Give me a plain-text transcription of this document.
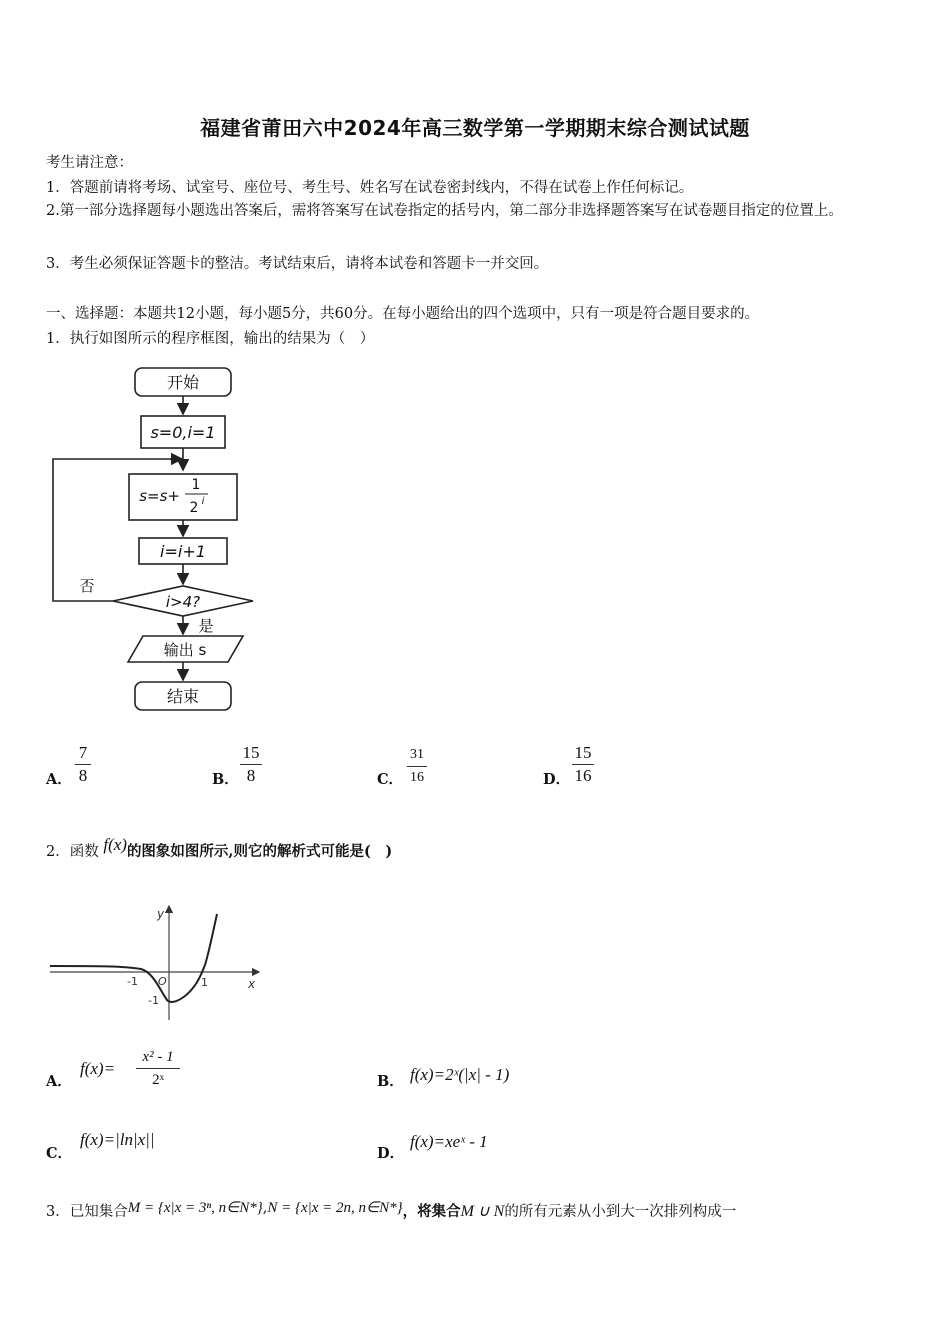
福建省莆田六中2024年高三数学第一学期期末综合测试试题
考生请注意：
1．答题前请将考场、试室号、座位号、考生号、姓名写在试卷密封线内，不得在试卷上作任何标记。
2.第一部分选择题每小题选出答案后，需将答案写在试卷指定的括号内，第二部分非选择题答案写在试卷题目指定的位置上。
3．考生必须保证答题卡的整洁。考试结束后，请将本试卷和答题卡一并交回。
一、选择题：本题共12小题，每小题5分，共60分。在每小题给出的四个选项中，只有一项是符合题目要求的。
1．执行如图所示的程序框图，输出的结果为（　）
开始
s=0,i=1
s=s+
1
2 i
i=i+1
i>4?
否
是
输出 s
结束
A．
7
8	B．
15
8	C．
31
16	D．
15
16
2．函数 f(x)的图象如图所示,则它的解析式可能是(　)
y
x
O
-1	1
-1
A．
f(x)=
x² - 1
2ˣ	B． f(x)=2ˣ(|x| - 1)
C．
f(x)=|ln|x||
D．
f(x)=xeˣ - 1
3．已知集合M = {x|x = 3ⁿ, n∈N*},N = {x|x = 2n, n∈N*}，将集合M ∪ N的所有元素从小到大一次排列构成一
